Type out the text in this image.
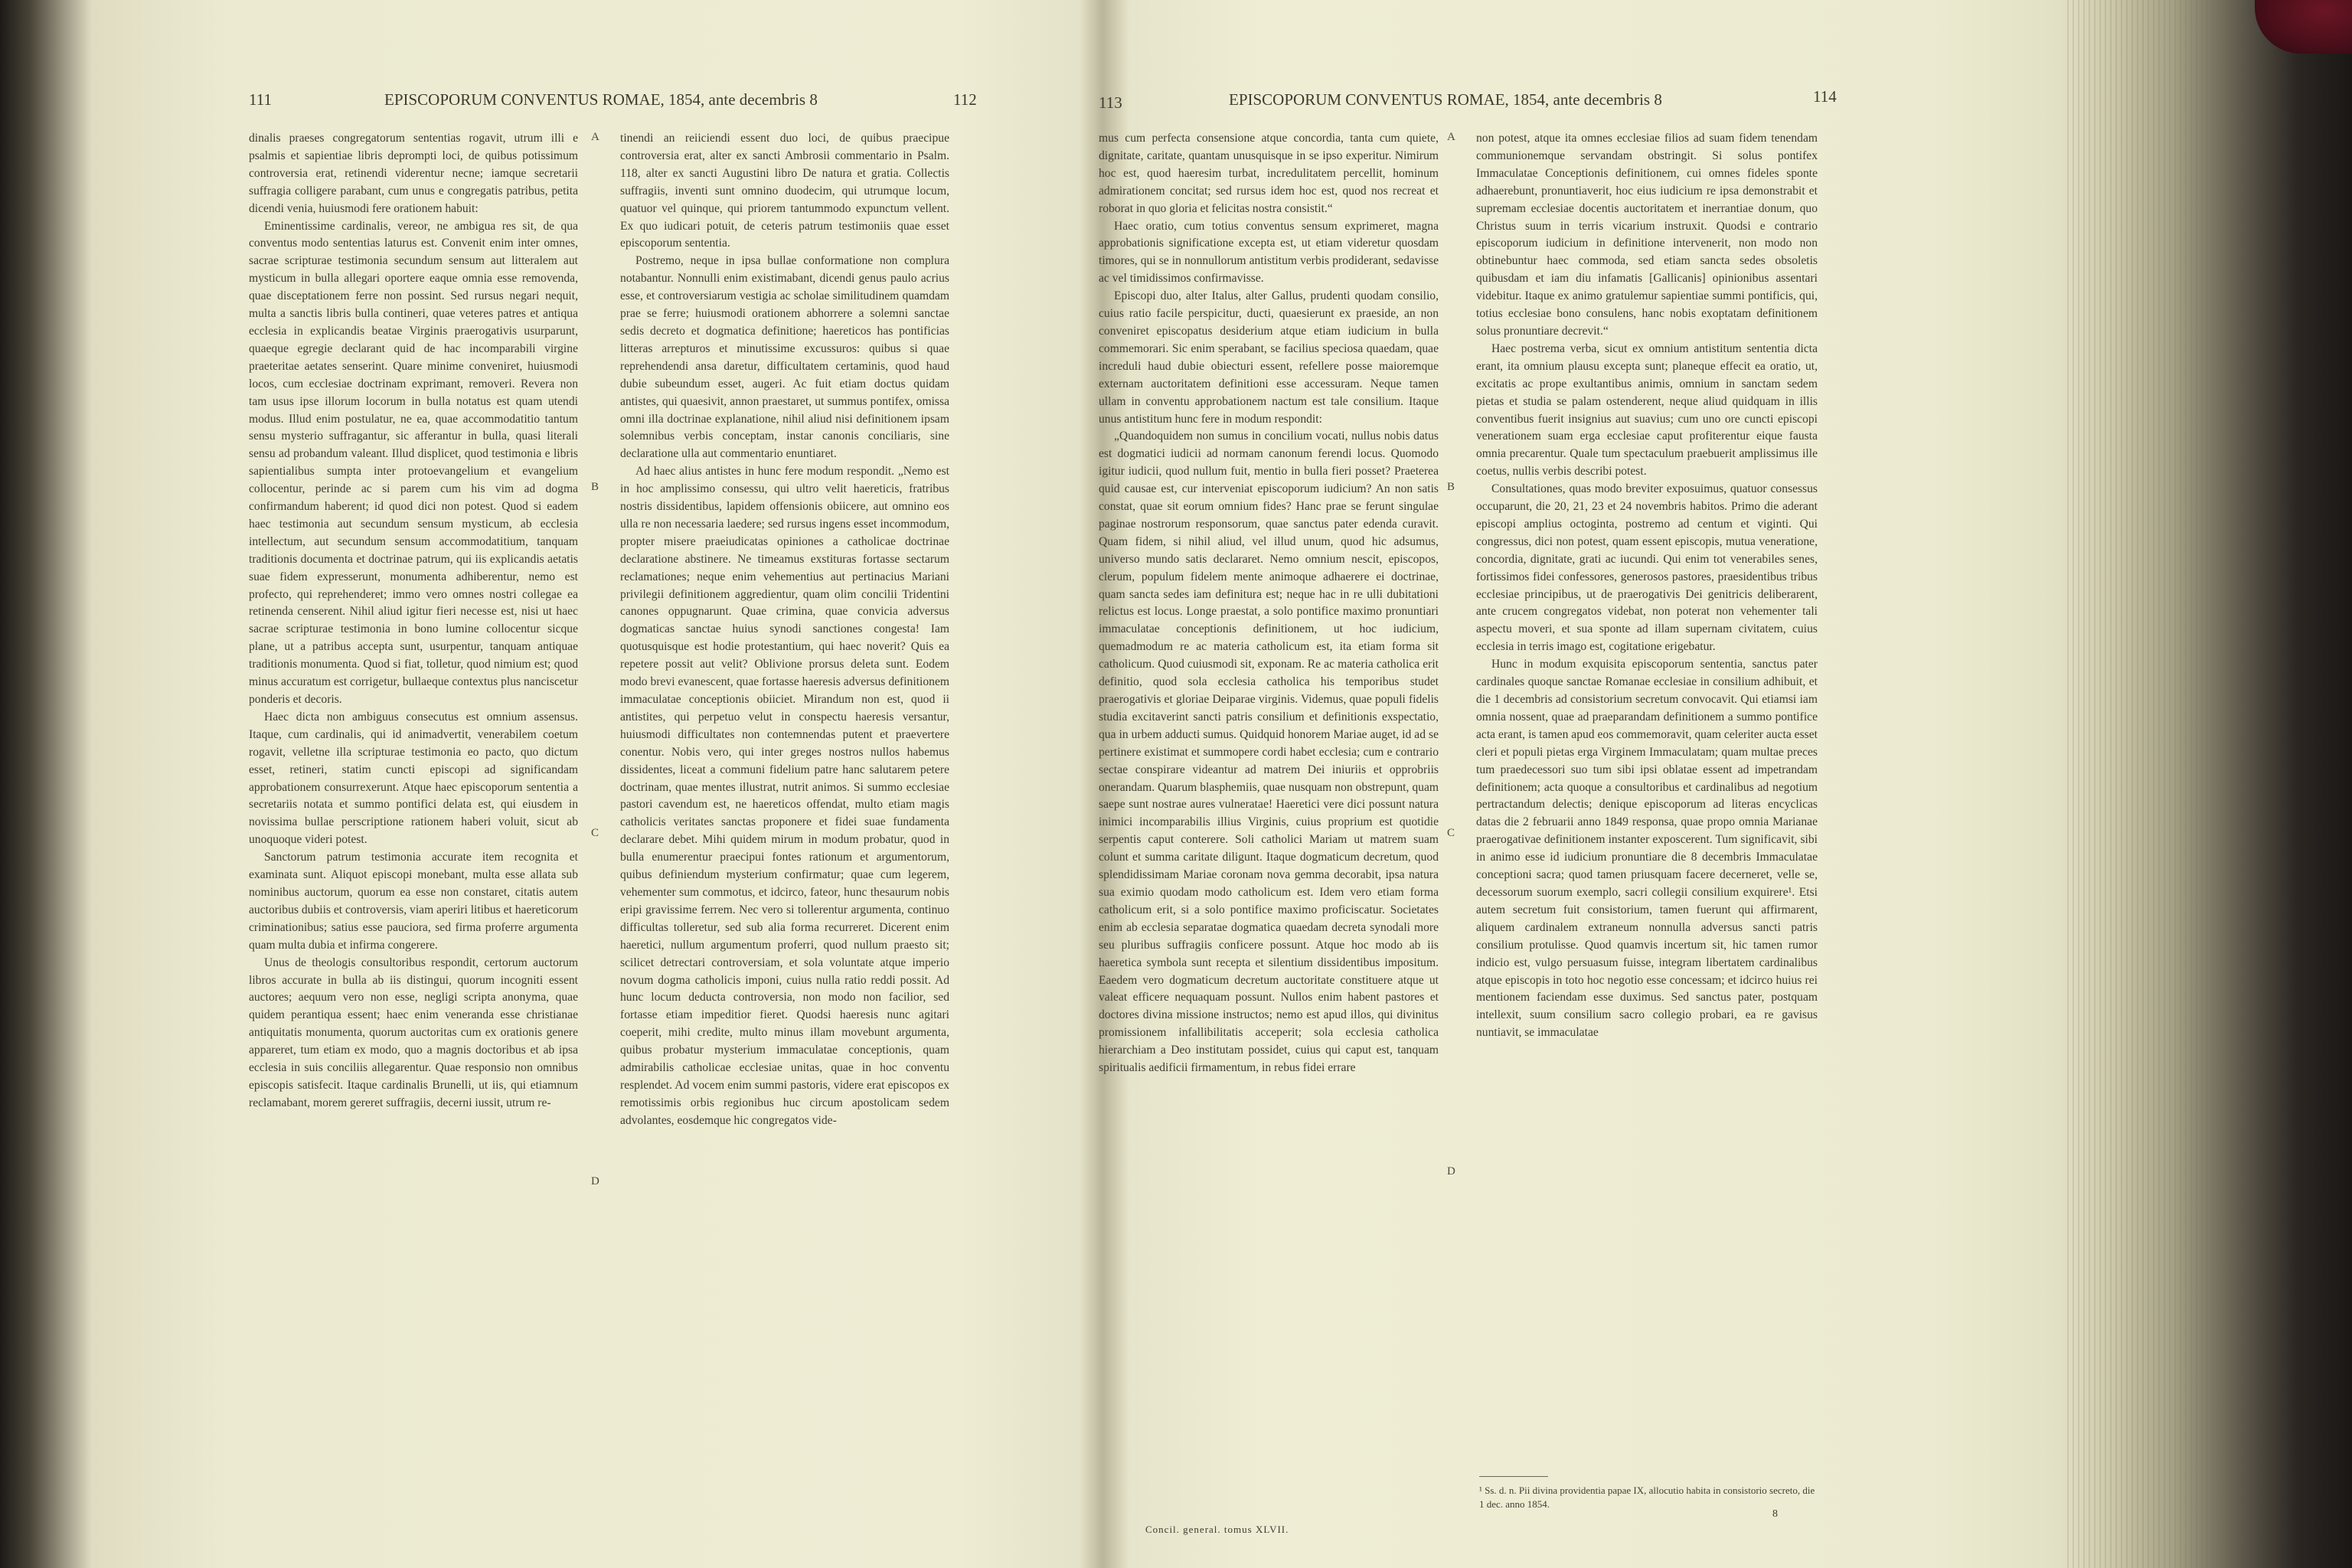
111	EPISCOPORUM CONVENTUS ROMAE, 1854, ante decembris 8	112

dinalis praeses congregatorum sententias rogavit, utrum illi e psalmis et sapientiae libris deprompti loci, de quibus potissimum controversia erat, retinendi viderentur necne; iamque secretarii suffragia colligere parabant, cum unus e congregatis patribus, petita dicendi venia, huiusmodi fere orationem habuit:

Eminentissime cardinalis, vereor, ne ambigua res sit, de qua conventus modo sententias laturus est. Convenit enim inter omnes, sacrae scripturae testimonia secundum sensum aut litteralem aut mysticum in bulla allegari oportere eaque omnia esse removenda, quae disceptationem ferre non possint. Sed rursus negari nequit, multa a sanctis libris bulla contineri, quae veteres patres et antiqua ecclesia in explicandis beatae Virginis praerogativis usurparunt, quaeque egregie declarant quid de hac incomparabili virgine praeteritae aetates senserint. Quare minime conveniret, huiusmodi locos, cum ecclesiae doctrinam exprimant, removeri. Revera non tam usus ipse illorum locorum in bulla notatus est quam utendi modus. Illud enim postulatur, ne ea, quae accommodatitio tantum sensu mysterio suffragantur, sic afferantur in bulla, quasi literali sensu ad probandum valeant. Illud displicet, quod testimonia e libris sapientialibus sumpta inter protoevangelium et evangelium collocentur, perinde ac si parem cum his vim ad dogma confirmandum haberent; id quod dici non potest. Quod si eadem haec testimonia aut secundum sensum mysticum, ab ecclesia intellectum, aut secundum sensum accommodatitium, tanquam traditionis documenta et doctrinae patrum, qui iis explicandis aetatis suae fidem expresserunt, monumenta adhiberentur, nemo est profecto, qui reprehenderet; immo vero omnes nostri collegae ea retinenda censerent. Nihil aliud igitur fieri necesse est, nisi ut haec sacrae scripturae testimonia in bono lumine collocentur sicque plane, ut a patribus accepta sunt, usurpentur, tanquam antiquae traditionis monumenta. Quod si fiat, tolletur, quod nimium est; quod minus accuratum est corrigetur, bullaeque contextus plus nanciscetur ponderis et decoris.

Haec dicta non ambiguus consecutus est omnium assensus. Itaque, cum cardinalis, qui id animadvertit, venerabilem coetum rogavit, velletne illa scripturae testimonia eo pacto, quo dictum esset, retineri, statim cuncti episcopi ad significandam approbationem consurrexerunt. Atque haec episcoporum sententia a secretariis notata et summo pontifici delata est, qui eiusdem in novissima bullae perscriptione rationem haberi voluit, sicut ab unoquoque videri potest.

Sanctorum patrum testimonia accurate item recognita et examinata sunt. Aliquot episcopi monebant, multa esse allata sub nominibus auctorum, quorum ea esse non constaret, citatis autem auctoribus dubiis et controversis, viam aperiri litibus et haereticorum criminationibus; satius esse pauciora, sed firma proferre argumenta quam multa dubia et infirma congerere.

Unus de theologis consultoribus respondit, certorum auctorum libros accurate in bulla ab iis distingui, quorum incogniti essent auctores; aequum vero non esse, negligi scripta anonyma, quae quidem perantiqua essent; haec enim veneranda esse christianae antiquitatis monumenta, quorum auctoritas cum ex orationis genere appareret, tum etiam ex modo, quo a magnis doctoribus et ab ipsa ecclesia in suis conciliis allegarentur. Quae responsio non omnibus episcopis satisfecit. Itaque cardinalis Brunelli, ut iis, qui etiamnum reclamabant, morem gereret suffragiis, decerni iussit, utrum re-

A
B
C
D

tinendi an reiiciendi essent duo loci, de quibus praecipue controversia erat, alter ex sancti Ambrosii commentario in Psalm. 118, alter ex sancti Augustini libro De natura et gratia. Collectis suffragiis, inventi sunt omnino duodecim, qui utrumque locum, quatuor vel quinque, qui priorem tantummodo expunctum vellent. Ex quo iudicari potuit, de ceteris patrum testimoniis quae esset episcoporum sententia.

Postremo, neque in ipsa bullae conformatione non complura notabantur. Nonnulli enim existimabant, dicendi genus paulo acrius esse, et controversiarum vestigia ac scholae similitudinem quamdam prae se ferre; huiusmodi orationem abhorrere a solemni sanctae sedis decreto et dogmatica definitione; haereticos has pontificias litteras arrepturos et minutissime excussuros: quibus si quae reprehendendi ansa daretur, difficultatem certaminis, quod haud dubie subeundum esset, augeri. Ac fuit etiam doctus quidam antistes, qui quaesivit, annon praestaret, ut summus pontifex, omissa omni illa doctrinae explanatione, nihil aliud nisi definitionem ipsam solemnibus verbis conceptam, instar canonis conciliaris, sine declaratione ulla aut commentario enuntiaret.

Ad haec alius antistes in hunc fere modum respondit. „Nemo est in hoc amplissimo consessu, qui ultro velit haereticis, fratribus nostris dissidentibus, lapidem offensionis obiicere, aut omnino eos ulla re non necessaria laedere; sed rursus ingens esset incommodum, propter misere praeiudicatas opiniones a catholicae doctrinae declaratione abstinere. Ne timeamus exstituras fortasse sectarum reclamationes; neque enim vehementius aut pertinacius Mariani privilegii definitionem aggredientur, quam olim concilii Tridentini canones oppugnarunt. Quae crimina, quae convicia adversus dogmaticas sanctae huius synodi sanctiones congesta! Iam quotusquisque est hodie protestantium, qui haec noverit? Quis ea repetere possit aut velit? Oblivione prorsus deleta sunt. Eodem modo brevi evanescent, quae fortasse haeresis adversus definitionem immaculatae conceptionis obiiciet. Mirandum non est, quod ii antistites, qui perpetuo velut in conspectu haeresis versantur, huiusmodi difficultates non contemnendas putent et praevertere conentur. Nobis vero, qui inter greges nostros nullos habemus dissidentes, liceat a communi fidelium patre hanc salutarem petere doctrinam, quae mentes illustrat, nutrit animos. Si summo ecclesiae pastori cavendum est, ne haereticos offendat, multo etiam magis catholicis veritates sanctas proponere et fidei suae fundamenta declarare debet. Mihi quidem mirum in modum probatur, quod in bulla enumerentur praecipui fontes rationum et argumentorum, quibus definiendum mysterium confirmatur; quae cum legerem, vehementer sum commotus, et idcirco, fateor, hunc thesaurum nobis eripi gravissime ferrem. Nec vero si tollerentur argumenta, continuo difficultas tolleretur, sed sub alia forma recurreret. Dicerent enim haeretici, nullum argumentum proferri, quod nullum praesto sit; scilicet detrectari controversiam, et sola voluntate atque imperio novum dogma catholicis imponi, cuius nulla ratio reddi possit. Ad hunc locum deducta controversia, non modo non facilior, sed fortasse etiam impeditior fieret. Quodsi haeresis nunc agitari coeperit, mihi credite, multo minus illam movebunt argumenta, quibus probatur mysterium immaculatae conceptionis, quam admirabilis catholicae ecclesiae unitas, quae in hoc conventu resplendet. Ad vocem enim summi pastoris, videre erat episcopos ex remotissimis orbis regionibus huc circum apostolicam sedem advolantes, eosdemque hic congregatos vide-

113	EPISCOPORUM CONVENTUS ROMAE, 1854, ante decembris 8	114

mus cum perfecta consensione atque concordia, tanta cum quiete, dignitate, caritate, quantam unusquisque in se ipso experitur. Nimirum hoc est, quod haeresim turbat, incredulitatem percellit, hominum admirationem concitat; sed rursus idem hoc est, quod nos recreat et roborat in quo gloria et felicitas nostra consistit.“

Haec oratio, cum totius conventus sensum exprimeret, magna approbationis significatione excepta est, ut etiam videretur quosdam timores, qui se in nonnullorum antistitum verbis prodiderant, sedavisse ac vel timidissimos confirmavisse.

Episcopi duo, alter Italus, alter Gallus, prudenti quodam consilio, cuius ratio facile perspicitur, ducti, quaesierunt ex praeside, an non conveniret episcopatus desiderium atque etiam iudicium in bulla commemorari. Sic enim sperabant, se facilius speciosa quaedam, quae increduli haud dubie obiecturi essent, refellere posse maioremque externam auctoritatem definitioni esse accessuram. Neque tamen ullam in conventu approbationem nactum est tale consilium. Itaque unus antistitum hunc fere in modum respondit:

„Quandoquidem non sumus in concilium vocati, nullus nobis datus est dogmatici iudicii ad normam canonum ferendi locus. Quomodo igitur iudicii, quod nullum fuit, mentio in bulla fieri posset? Praeterea quid causae est, cur interveniat episcoporum iudicium? An non satis constat, quae sit eorum omnium fides? Hanc prae se ferunt singulae paginae nostrorum responsorum, quae sanctus pater edenda curavit. Quam fidem, si nihil aliud, vel illud unum, quod hic adsumus, universo mundo satis declararet. Nemo omnium nescit, episcopos, clerum, populum fidelem mente animoque adhaerere ei doctrinae, quam sancta sedes iam definitura est; neque hac in re ulli dubitationi relictus est locus. Longe praestat, a solo pontifice maximo pronuntiari immaculatae conceptionis definitionem, ut hoc iudicium, quemadmodum re ac materia catholicum est, ita etiam forma sit catholicum. Quod cuiusmodi sit, exponam. Re ac materia catholica erit definitio, quod sola ecclesia catholica his temporibus studet praerogativis et gloriae Deiparae virginis. Videmus, quae populi fidelis studia excitaverint sancti patris consilium et definitionis exspectatio, qua in urbem adducti sumus. Quidquid honorem Mariae auget, id ad se pertinere existimat et summopere cordi habet ecclesia; cum e contrario sectae conspirare videantur ad matrem Dei iniuriis et opprobriis onerandam. Quarum blasphemiis, quae nusquam non obstrepunt, quam saepe sunt nostrae aures vulneratae! Haeretici vere dici possunt natura inimici incomparabilis illius Virginis, cuius proprium est quotidie serpentis caput conterere. Soli catholici Mariam ut matrem suam colunt et summa caritate diligunt. Itaque dogmaticum decretum, quod splendidissimam Mariae coronam nova gemma decorabit, ipsa natura sua eximio quodam modo catholicum est. Idem vero etiam forma catholicum erit, si a solo pontifice maximo proficiscatur. Societates enim ab ecclesia separatae dogmatica quaedam decreta synodali more seu pluribus suffragiis conficere possunt. Atque hoc modo ab iis haeretica symbola sunt recepta et silentium dissidentibus impositum. Eaedem vero dogmaticum decretum auctoritate constituere atque ut valeat efficere nequaquam possunt. Nullos enim habent pastores et doctores divina missione instructos; nemo est apud illos, qui divinitus promissionem infallibilitatis acceperit; sola ecclesia catholica hierarchiam a Deo institutam possidet, cuius qui caput est, tanquam spiritualis aedificii firmamentum, in rebus fidei errare

A
B
C
D

non potest, atque ita omnes ecclesiae filios ad suam fidem tenendam communionemque servandam obstringit. Si solus pontifex Immaculatae Conceptionis definitionem, cui omnes fideles sponte adhaerebunt, pronuntiaverit, hoc eius iudicium re ipsa demonstrabit et supremam ecclesiae docentis auctoritatem et inerrantiae donum, quo Christus suum in terris vicarium instruxit. Quodsi e contrario episcoporum iudicium in definitione intervenerit, non modo non obtinebuntur haec commoda, sed etiam sancta sedes obsoletis quibusdam et iam diu infamatis [Gallicanis] opinionibus assentari videbitur. Itaque ex animo gratulemur sapientiae summi pontificis, qui, totius ecclesiae bono consulens, hanc nobis exoptatam definitionem solus pronuntiare decrevit.“

Haec postrema verba, sicut ex omnium antistitum sententia dicta erant, ita omnium plausu excepta sunt; planeque effecit ea oratio, ut, excitatis ac prope exultantibus animis, omnium in sanctam sedem pietas et studia se palam ostenderent, neque aliud quidquam in illis conventibus fuerit insignius aut suavius; cum uno ore cuncti episcopi venerationem suam erga ecclesiae caput profiterentur eique fausta omnia precarentur. Quale tum spectaculum praebuerit amplissimus ille coetus, nullis verbis describi potest.

Consultationes, quas modo breviter exposuimus, quatuor consessus occuparunt, die 20, 21, 23 et 24 novembris habitos. Primo die aderant episcopi amplius octoginta, postremo ad centum et viginti. Qui congressus, dici non potest, quam essent episcopis, mutua veneratione, concordia, dignitate, grati ac iucundi. Qui enim tot venerabiles senes, fortissimos fidei confessores, generosos pastores, praesidentibus tribus ecclesiae principibus, ut de praerogativis Dei genitricis deliberarent, ante crucem congregatos videbat, non poterat non vehementer tali aspectu moveri, et sua sponte ad illam supernam civitatem, cuius ecclesia in terris imago est, cogitatione erigebatur.

Hunc in modum exquisita episcoporum sententia, sanctus pater cardinales quoque sanctae Romanae ecclesiae in consilium adhibuit, et die 1 decembris ad consistorium secretum convocavit. Qui etiamsi iam omnia nossent, quae ad praeparandam definitionem a summo pontifice acta erant, is tamen apud eos commemoravit, quam celeriter aucta esset cleri et populi pietas erga Virginem Immaculatam; quam multae preces tum praedecessori suo tum sibi ipsi oblatae essent ad impetrandam definitionem; acta quoque a consultoribus et cardinalibus ad negotium pertractandum delectis; denique episcoporum ad literas encyclicas datas die 2 februarii anno 1849 responsa, quae propo omnia Marianae praerogativae definitionem instanter exposcerent. Tum significavit, sibi in animo esse id iudicium pronuntiare die 8 decembris Immaculatae conceptioni sacra; quod tamen priusquam facere decerneret, velle se, decessorum suorum exemplo, sacri collegii consilium exquirere¹. Etsi autem secretum fuit consistorium, tamen fuerunt qui affirmarent, aliquem cardinalem extraneum nonnulla adversus sancti patris consilium protulisse. Quod quamvis incertum sit, hic tamen rumor indicio est, vulgo persuasum fuisse, integram libertatem cardinalibus atque episcopis in toto hoc negotio esse concessam; et idcirco huius rei mentionem faciendam esse duximus. Sed sanctus pater, postquam intellexit, suum consilium sacro collegio probari, ea re gavisus nuntiavit, se immaculatae

¹ Ss. d. n. Pii divina providentia papae IX, allocutio habita in consistorio secreto, die 1 dec. anno 1854.
Concil. general. tomus XLVII.
8
